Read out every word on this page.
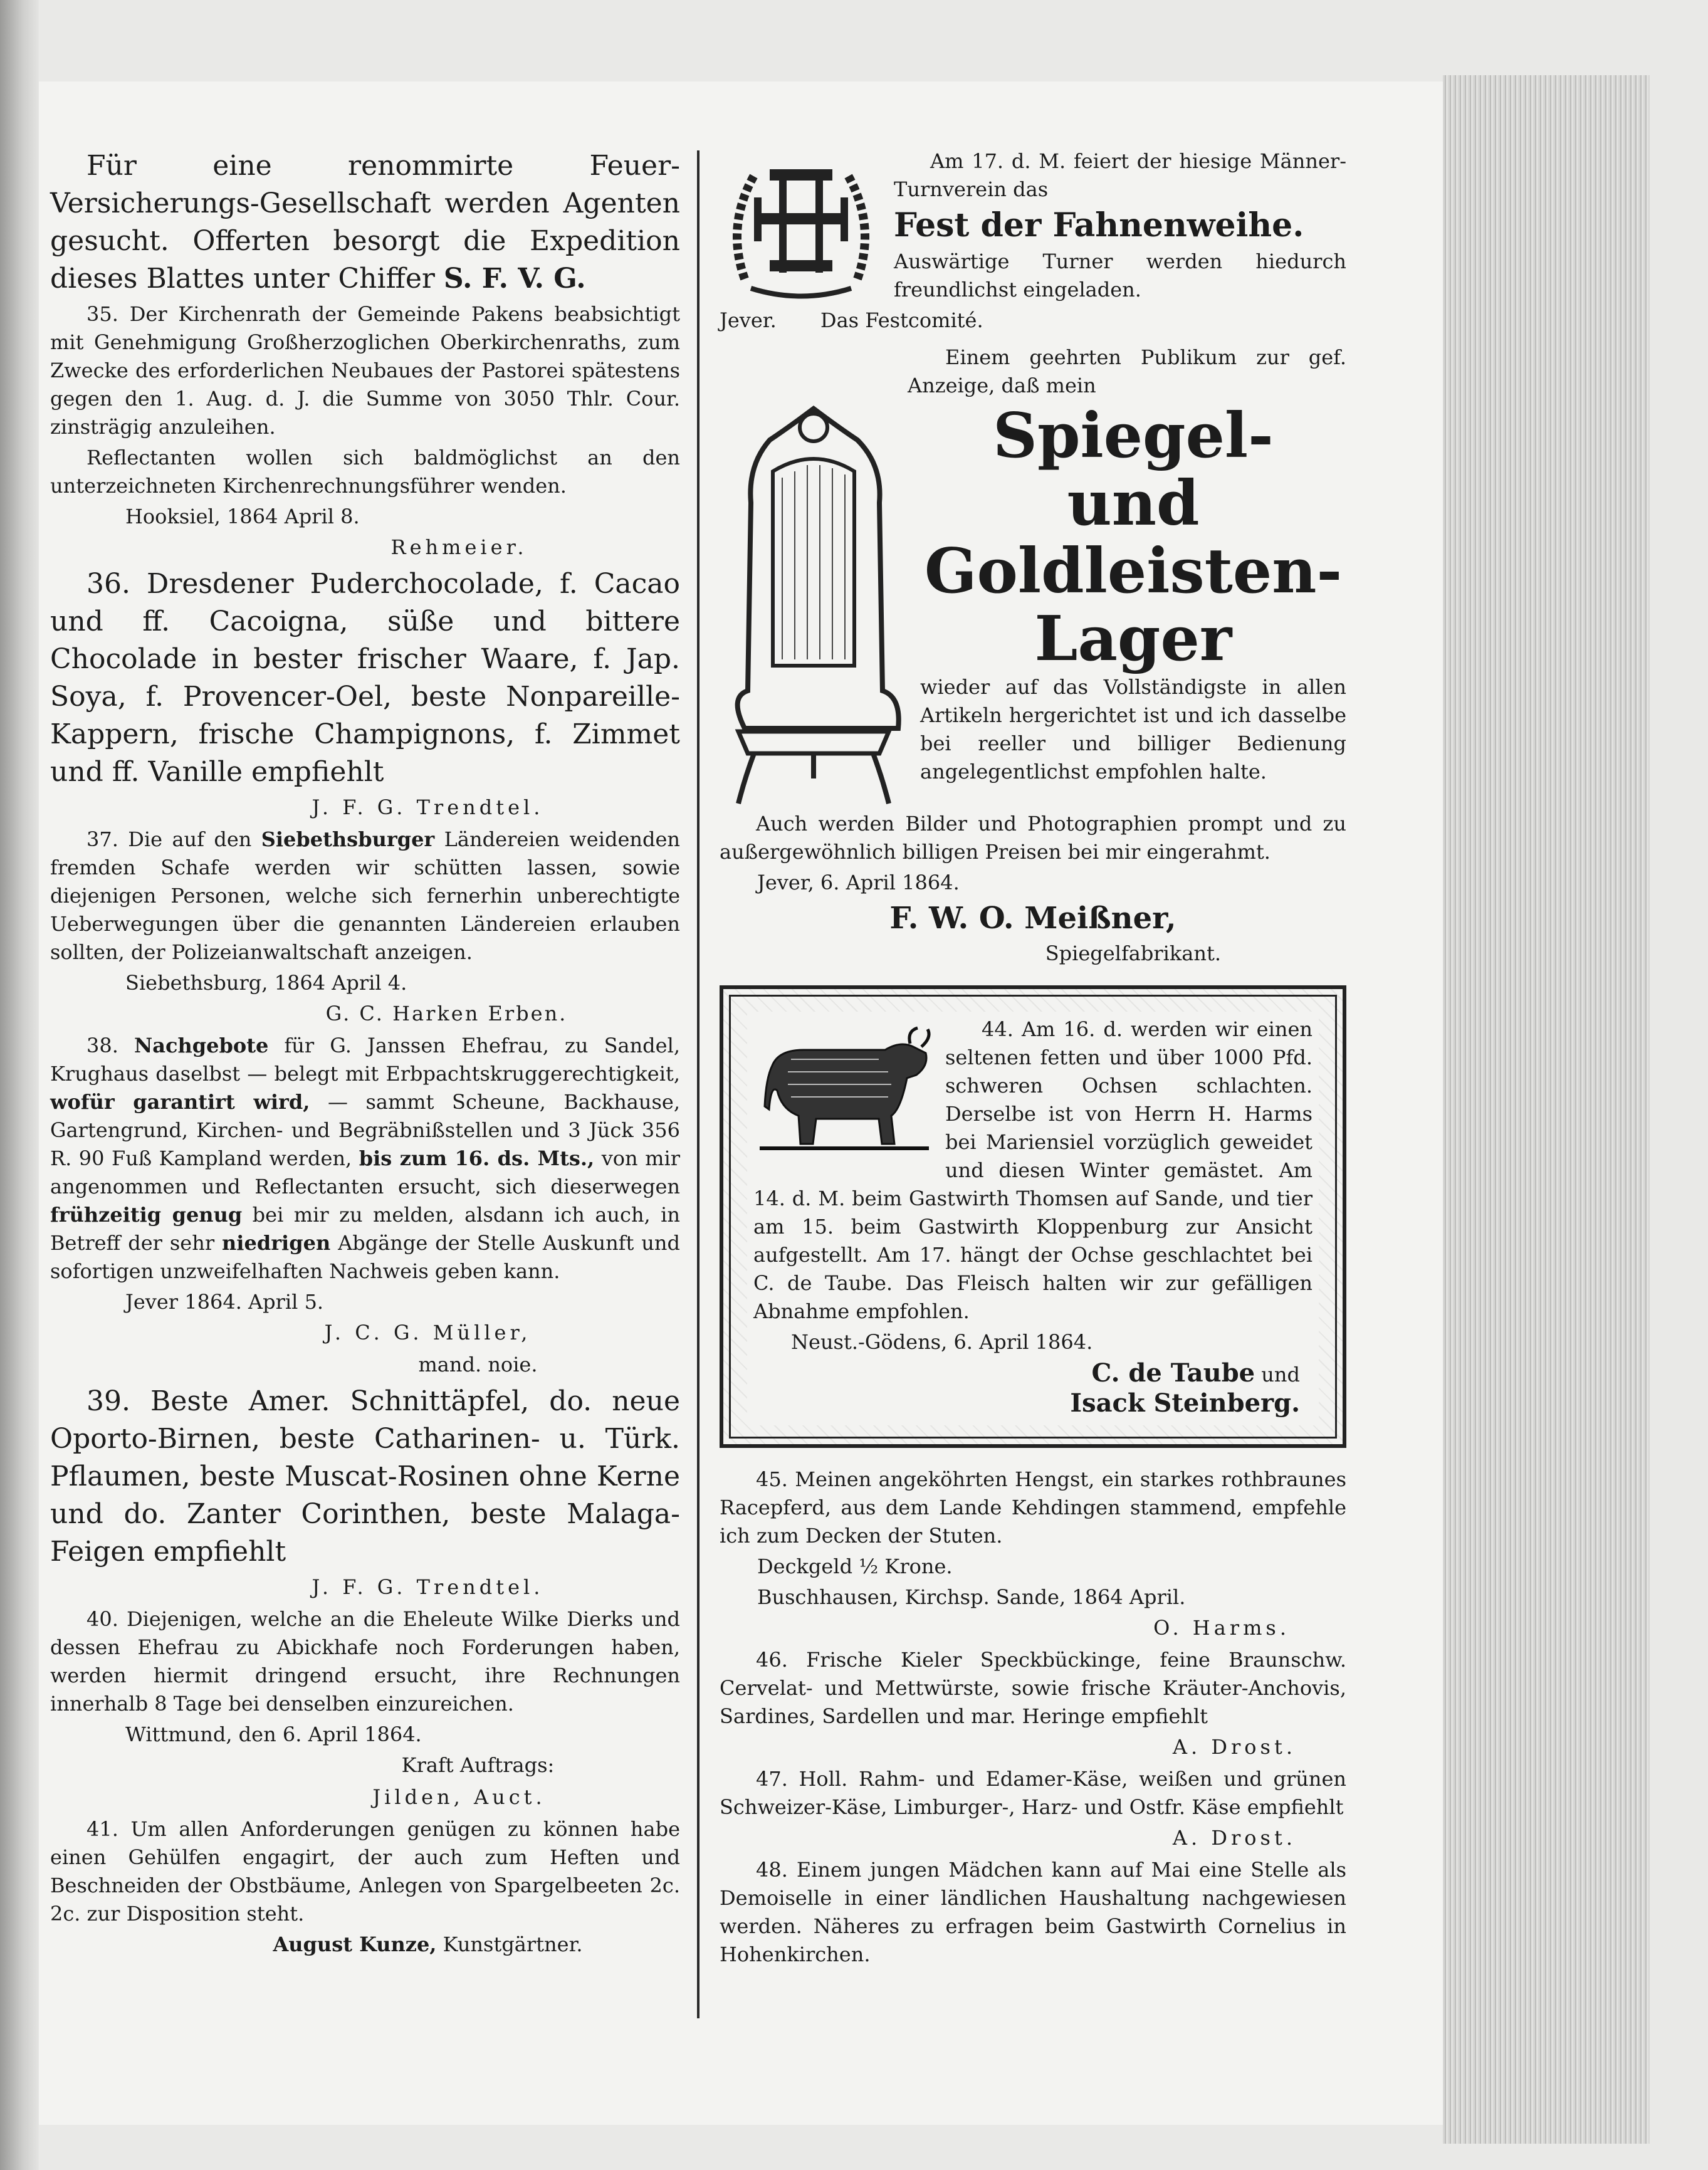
Für eine renommirte Feuer-Versicherungs-Gesellschaft werden Agenten gesucht. Offerten besorgt die Expedition dieses Blattes unter Chiffer S. F. V. G.

35. Der Kirchenrath der Gemeinde Pakens beabsichtigt mit Genehmigung Großherzoglichen Oberkirchenraths, zum Zwecke des erforderlichen Neubaues der Pastorei spätestens gegen den 1. Aug. d. J. die Summe von 3050 Thlr. Cour. zinsträgig anzuleihen.

Reflectanten wollen sich baldmöglichst an den unterzeichneten Kirchenrechnungsführer wenden.

Hooksiel, 1864 April 8.

Rehmeier.

36. Dresdener Puderchocolade, f. Cacao und ff. Cacoigna, süße und bittere Chocolade in bester frischer Waare, f. Jap. Soya, f. Provencer-Oel, beste Nonpareille-Kappern, frische Champignons, f. Zimmet und ff. Vanille empfiehlt

J. F. G. Trendtel.

37. Die auf den Siebethsburger Ländereien weidenden fremden Schafe werden wir schütten lassen, sowie diejenigen Personen, welche sich fernerhin unberechtigte Ueberwegungen über die genannten Ländereien erlauben sollten, der Polizeianwaltschaft anzeigen.

Siebethsburg, 1864 April 4.

G. C. Harken Erben.

38. Nachgebote für G. Janssen Ehefrau, zu Sandel, Krughaus daselbst — belegt mit Erbpachtskruggerechtigkeit, wofür garantirt wird, — sammt Scheune, Backhause, Gartengrund, Kirchen- und Begräbnißstellen und 3 Jück 356 R. 90 Fuß Kampland werden, bis zum 16. ds. Mts., von mir angenommen und Reflectanten ersucht, sich dieserwegen frühzeitig genug bei mir zu melden, alsdann ich auch, in Betreff der sehr niedrigen Abgänge der Stelle Auskunft und sofortigen unzweifelhaften Nachweis geben kann.

Jever 1864. April 5.

J. C. G. Müller,

mand. noie.

39. Beste Amer. Schnittäpfel, do. neue Oporto-Birnen, beste Catharinen- u. Türk. Pflaumen, beste Muscat-Rosinen ohne Kerne und do. Zanter Corinthen, beste Malaga-Feigen empfiehlt

J. F. G. Trendtel.

40. Diejenigen, welche an die Eheleute Wilke Dierks und dessen Ehefrau zu Abickhafe noch Forderungen haben, werden hiermit dringend ersucht, ihre Rechnungen innerhalb 8 Tage bei denselben einzureichen.

Wittmund, den 6. April 1864.

Kraft Auftrags:

Jilden, Auct.

41. Um allen Anforderungen genügen zu können habe einen Gehülfen engagirt, der auch zum Heften und Beschneiden der Obstbäume, Anlegen von Spargelbeeten 2c. 2c. zur Disposition steht.

August Kunze, Kunstgärtner.

Am 17. d. M. feiert der hiesige Männer-Turnverein das

Fest der Fahnenweihe.

Auswärtige Turner werden hiedurch freundlichst eingeladen.

Jever. Das Festcomité.

Einem geehrten Publikum zur gef. Anzeige, daß mein

Spiegel- und

Goldleisten-

Lager

wieder auf das Vollständigste in allen Artikeln hergerichtet ist und ich dasselbe bei reeller und billiger Bedienung angelegentlichst empfohlen halte.

Auch werden Bilder und Photographien prompt und zu außergewöhnlich billigen Preisen bei mir eingerahmt.

Jever, 6. April 1864.

F. W. O. Meißner,

Spiegelfabrikant.

44. Am 16. d. werden wir einen seltenen fetten und über 1000 Pfd. schweren Ochsen schlachten. Derselbe ist von Herrn H. Harms bei Mariensiel vorzüglich geweidet und diesen Winter gemästet. Am 14. d. M. beim Gastwirth Thomsen auf Sande, und tier am 15. beim Gastwirth Kloppenburg zur Ansicht aufgestellt. Am 17. hängt der Ochse geschlachtet bei C. de Taube. Das Fleisch halten wir zur gefälligen Abnahme empfohlen.

Neust.-Gödens, 6. April 1864.

C. de Taube und
Isack Steinberg.

45. Meinen angeköhrten Hengst, ein starkes rothbraunes Racepferd, aus dem Lande Kehdingen stammend, empfehle ich zum Decken der Stuten.

Deckgeld ½ Krone.

Buschhausen, Kirchsp. Sande, 1864 April.

O. Harms.

46. Frische Kieler Speckbückinge, feine Braunschw. Cervelat- und Mettwürste, sowie frische Kräuter-Anchovis, Sardines, Sardellen und mar. Heringe empfiehlt

A. Drost.

47. Holl. Rahm- und Edamer-Käse, weißen und grünen Schweizer-Käse, Limburger-, Harz- und Ostfr. Käse empfiehlt

A. Drost.

48. Einem jungen Mädchen kann auf Mai eine Stelle als Demoiselle in einer ländlichen Haushaltung nachgewiesen werden. Näheres zu erfragen beim Gastwirth Cornelius in Hohenkirchen.
